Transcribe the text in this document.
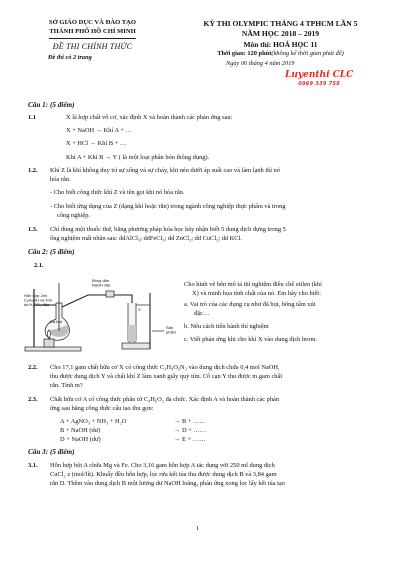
SỞ GIÁO DỤC VÀ ĐÀO TẠO
THÀNH PHỐ HỒ CHÍ MINH
ĐỀ THI CHÍNH THỨC
Đề thi có 2 trang
KỲ THI OLYMPIC THÁNG 4 TPHCM LẦN 5
NĂM HỌC 2018 – 2019
Môn thi: HOÁ HỌC 11
Thời gian: 120 phút(không kể thời gian phát đề)
Ngày 06 tháng 4 năm 2019
Luyenthi CLC
0969 339 758
Câu 1: (5 điểm)
1.1	X là hợp chất vô cơ, xác định X và hoàn thành các phản ứng sau:
X + NaOH → Khí A + …
X + HCl → Khí B + …
Khí A + Khí B → Y ( là một loại phân bón thông dụng).
1.2. Khí Z là khí không duy trì sự sống và sự cháy, khi nén dưới áp suất cao và làm lạnh thì nó
hóa rắn.
- Cho biết công thức khí Z và tên gọi khi nó hóa rắn.
- Cho biết ứng dụng của Z (dạng khí hoặc rắn) trong ngành công nghiệp thực phẩm và trong
công nghiệp.
1.3. Chỉ dùng một thuốc thử, bằng phương pháp hóa học hãy nhận biết 5 dung dịch đựng trong 5
ống nghiệm mất nhãn sau: ddAlCl₃; ddFeCl₃; dd ZnCl₂; dd CuCl₂; dd KCl.
Câu 2: (5 điểm)
2.1.
Cho hình vẽ bên mô tả thí nghiệm điều chế etilen (khí
X) và minh họa tính chất của nó. Em hãy cho biết:
a. Vai trò của các dụng cụ như đá bọt, bông tẩm xút
đặc…
b. Nêu cách tiến hành thí nghiệm
c. Viết phản ứng khi cho khí X vào dung dịch brom.
Hỗn hợp 2ml
C₂H₅OH và 4ml
dd H₂SO₄ đặc
Bông tẩm
NaOH đặc
Đá bọt
X
Sản
phẩm
2.2. Cho 17,1 gam chất hữu cơ X có công thức C₃H₉O₆N₃ vào dung dịch chứa 0,4 mol NaOH,
thu được dung dịch Y và chất khí Z làm xanh giấy quỳ tím. Cô cạn Y thu được m gam chất
rắn. Tính m?
2.3. Chất hữu cơ A có công thức phân tử C₄H₆O₂ đa chức. Xác định A và hoàn thành các phản
ứng sau bằng công thức cấu tạo thu gọn:
A + AgNO₃ + NH₃ + H₂O	→ B + ……
B + NaOH (dư)	→ D + ……
D + NaOH (dư)	→ E + ……
Câu 3: (5 điểm)
3.1. Hỗn hợp bột A chứa Mg và Fe. Cho 3,16 gam hỗn hợp A tác dụng với 250 ml dung dịch
CuCl₂ z (mol/lít). Khuấy đều hỗn hợp, lọc rửa kết tủa thu được dung dịch B và 3,84 gam
rắn D. Thêm vào dung dịch B một lượng dư NaOH loãng, phản ứng xong lọc lấy kết tủa tạo
1
